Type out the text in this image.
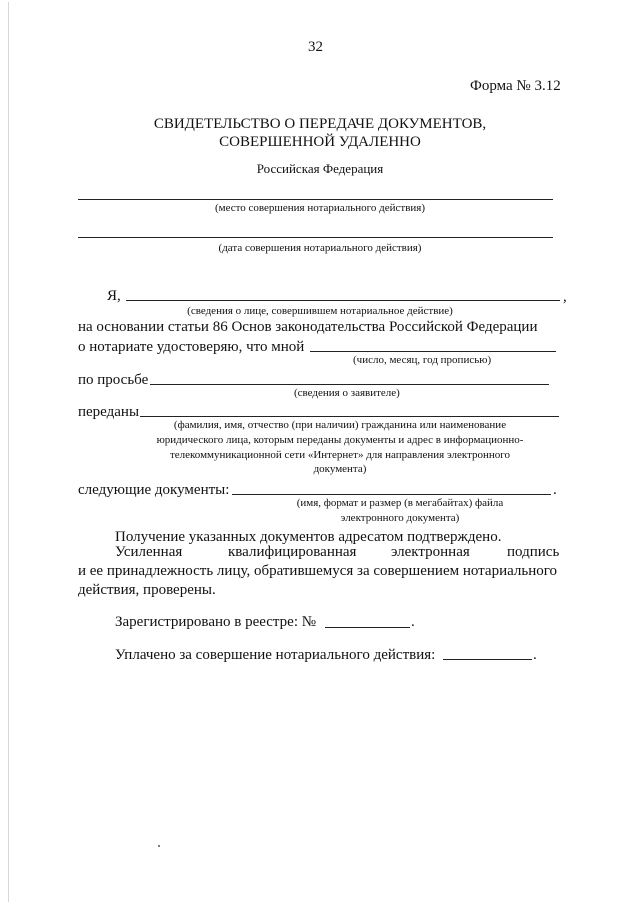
32
Форма № 3.12
СВИДЕТЕЛЬСТВО О ПЕРЕДАЧЕ ДОКУМЕНТОВ,
СОВЕРШЕННОЙ УДАЛЕННО
Российская Федерация
(место совершения нотариального действия)
(дата совершения нотариального действия)
Я,	,
(сведения о лице, совершившем нотариальное действие)
на основании статьи 86 Основ законодательства Российской Федерации
о нотариате удостоверяю, что мной
(число, месяц, год прописью)
по просьбе
(сведения о заявителе)
переданы
(фамилия, имя, отчество (при наличии) гражданина или наименование
юридического лица, которым переданы документы и адрес в информационно-
телекоммуникационной сети «Интернет» для направления электронного
документа)
следующие документы:	.
(имя, формат и размер (в мегабайтах) файла
электронного документа)
Получение указанных документов адресатом подтверждено.
Усиленная	квалифицированная электронная подпись
и ее принадлежность лицу, обратившемуся за совершением нотариального
действия, проверены.
Зарегистрировано в реестре: №	.
Уплачено за совершение нотариального действия:	.
